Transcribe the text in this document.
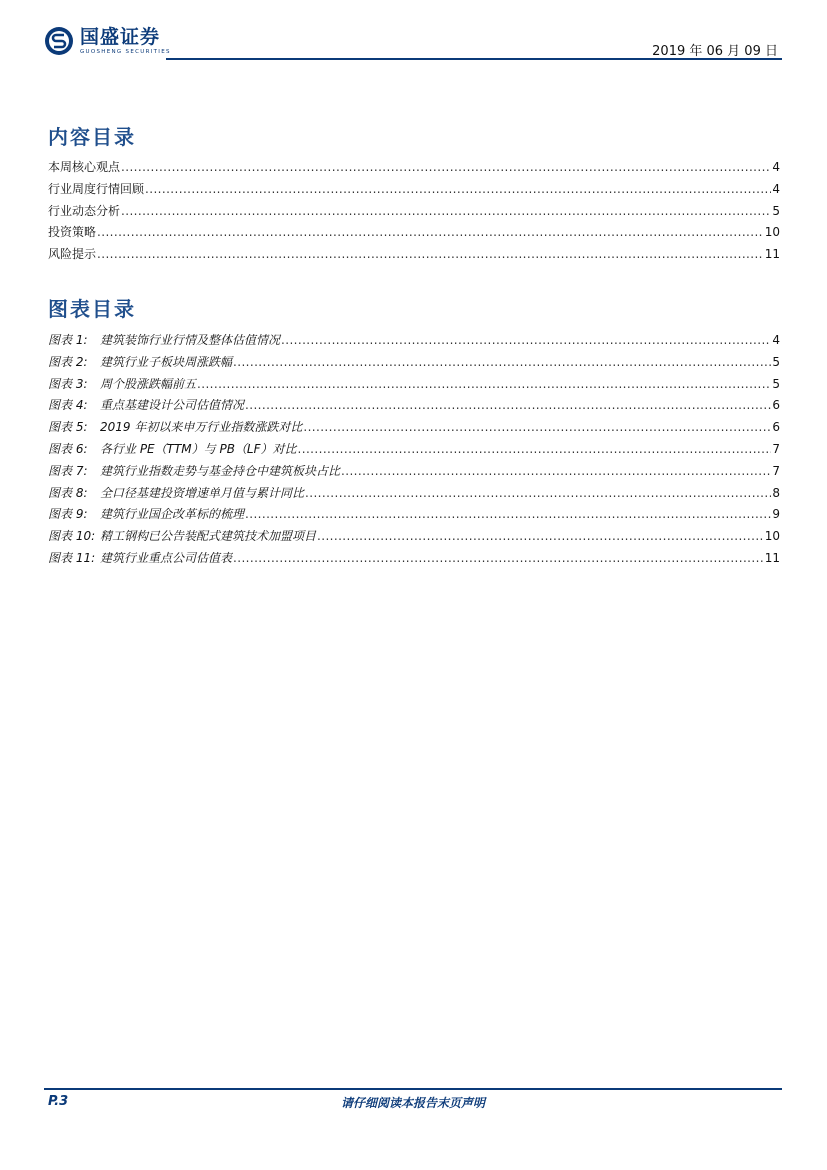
国盛证券
GUOSHENG SECURITIES	2019 年 06 月 09 日
内容目录
本周核心观点 .....	4
行业周度行情回顾 .....	4
行业动态分析 .....	5
投资策略 .....	10
风险提示 .....	11
图表目录
图表 1: 建筑装饰行业行情及整体估值情况 .....	4
图表 2: 建筑行业子板块周涨跌幅 .....	5
图表 3: 周个股涨跌幅前五 .....	5
图表 4: 重点基建设计公司估值情况 .....	6
图表 5: 2019 年初以来申万行业指数涨跌对比 .....	6
图表 6: 各行业 PE（TTM）与 PB（LF）对比 .....	7
图表 7: 建筑行业指数走势与基金持仓中建筑板块占比 .....	7
图表 8: 全口径基建投资增速单月值与累计同比 .....	8
图表 9: 建筑行业国企改革标的梳理 .....	9
图表 10: 精工钢构已公告装配式建筑技术加盟项目 .....	10
图表 11: 建筑行业重点公司估值表 .....	11
P.3	请仔细阅读本报告末页声明
